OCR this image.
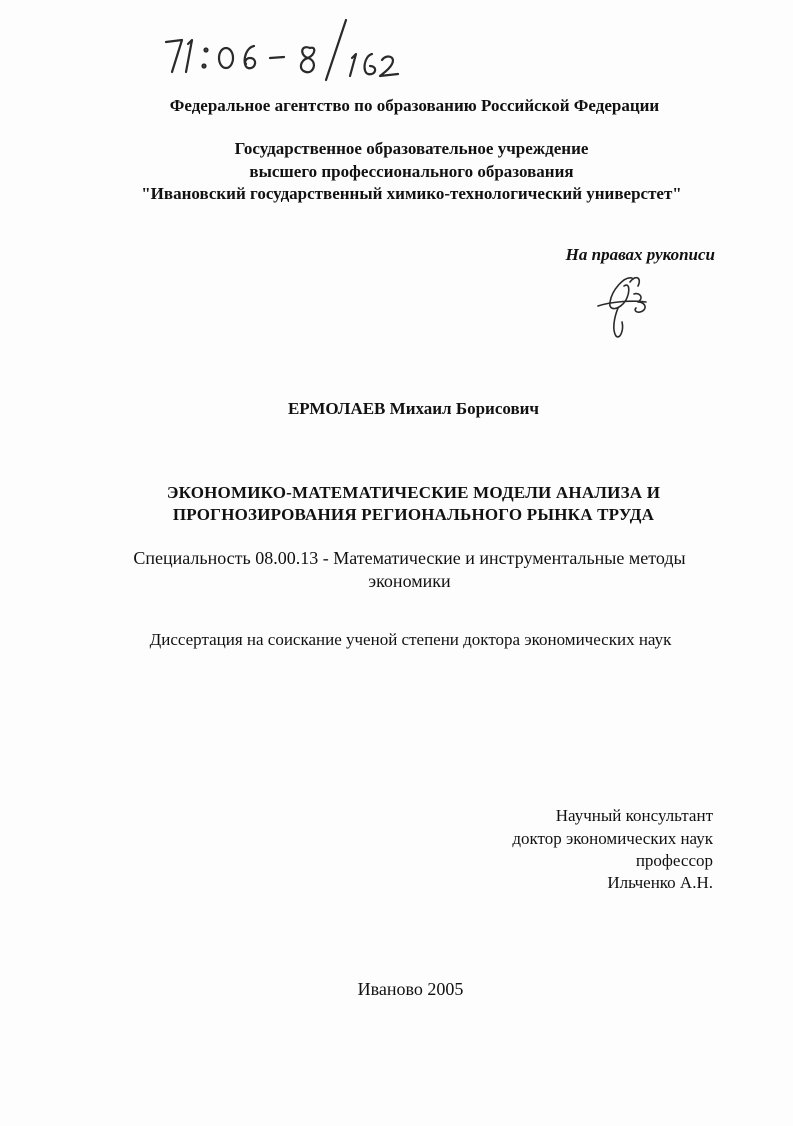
Федеральное агентство по образованию Российской Федерации
Государственное образовательное учреждение
высшего профессионального образования
"Ивановский государственный химико-технологический универстет"
На правах рукописи
ЕРМОЛАЕВ Михаил Борисович
ЭКОНОМИКО-МАТЕМАТИЧЕСКИЕ МОДЕЛИ АНАЛИЗА И
ПРОГНОЗИРОВАНИЯ РЕГИОНАЛЬНОГО РЫНКА ТРУДА
Специальность 08.00.13 - Математические и инструментальные методы
экономики
Диссертация на соискание ученой степени доктора экономических наук
Научный консультант
доктор экономических наук
профессор
Ильченко А.Н.
Иваново 2005
